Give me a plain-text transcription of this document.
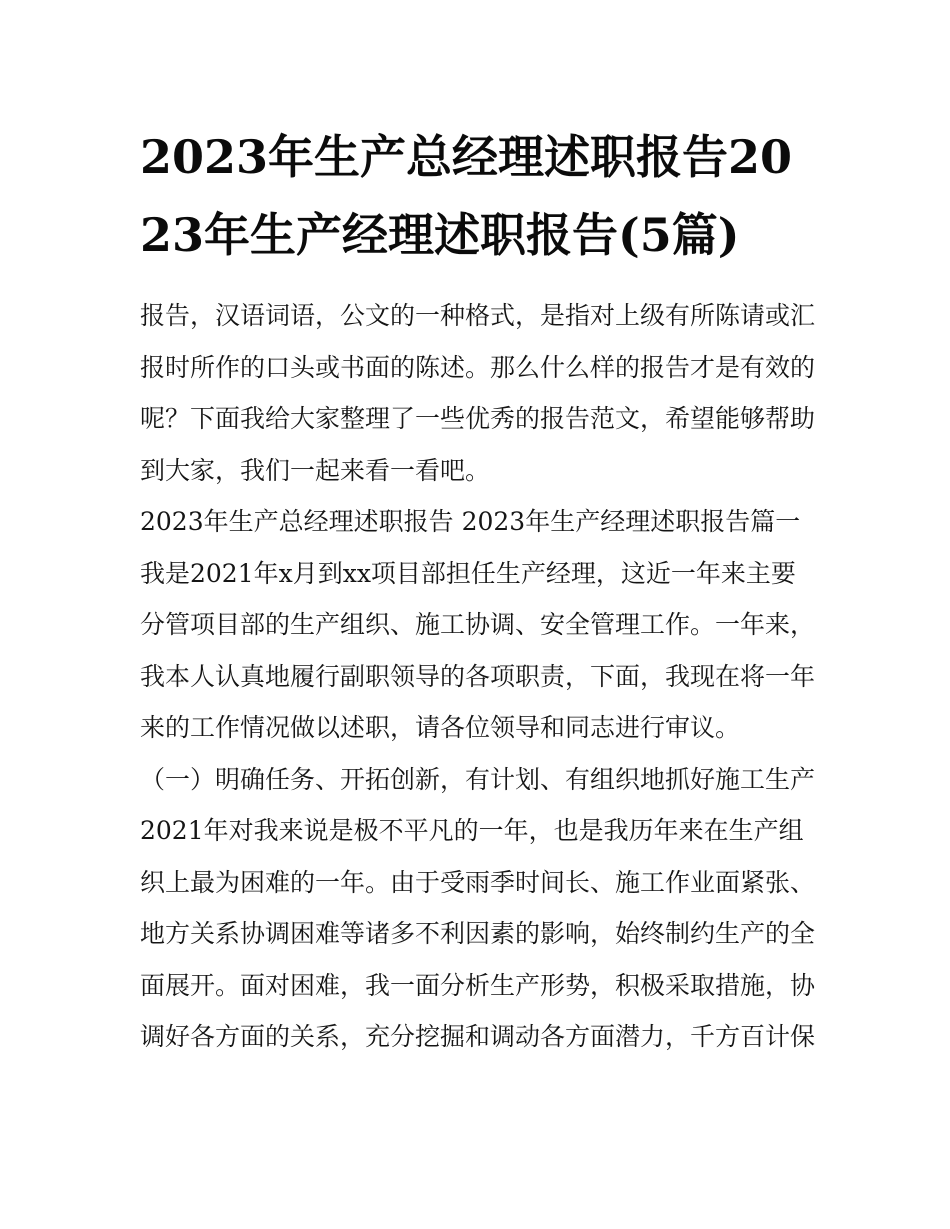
2023年生产总经理述职报告2023年生产经理述职报告(5篇)

报告，汉语词语，公文的一种格式，是指对上级有所陈请或汇报时所作的口头或书面的陈述。那么什么样的报告才是有效的呢？下面我给大家整理了一些优秀的报告范文，希望能够帮助到大家，我们一起来看一看吧。

2023年生产总经理述职报告 2023年生产经理述职报告篇一

我是2021年x月到xx项目部担任生产经理，这近一年来主要分管项目部的生产组织、施工协调、安全管理工作。一年来，我本人认真地履行副职领导的各项职责，下面，我现在将一年来的工作情况做以述职，请各位领导和同志进行审议。

（一）明确任务、开拓创新，有计划、有组织地抓好施工生产

2021年对我来说是极不平凡的一年，也是我历年来在生产组织上最为困难的一年。由于受雨季时间长、施工作业面紧张、地方关系协调困难等诸多不利因素的影响，始终制约生产的全面展开。面对困难，我一面分析生产形势，积极采取措施，协调好各方面的关系，充分挖掘和调动各方面潜力，千方百计保
